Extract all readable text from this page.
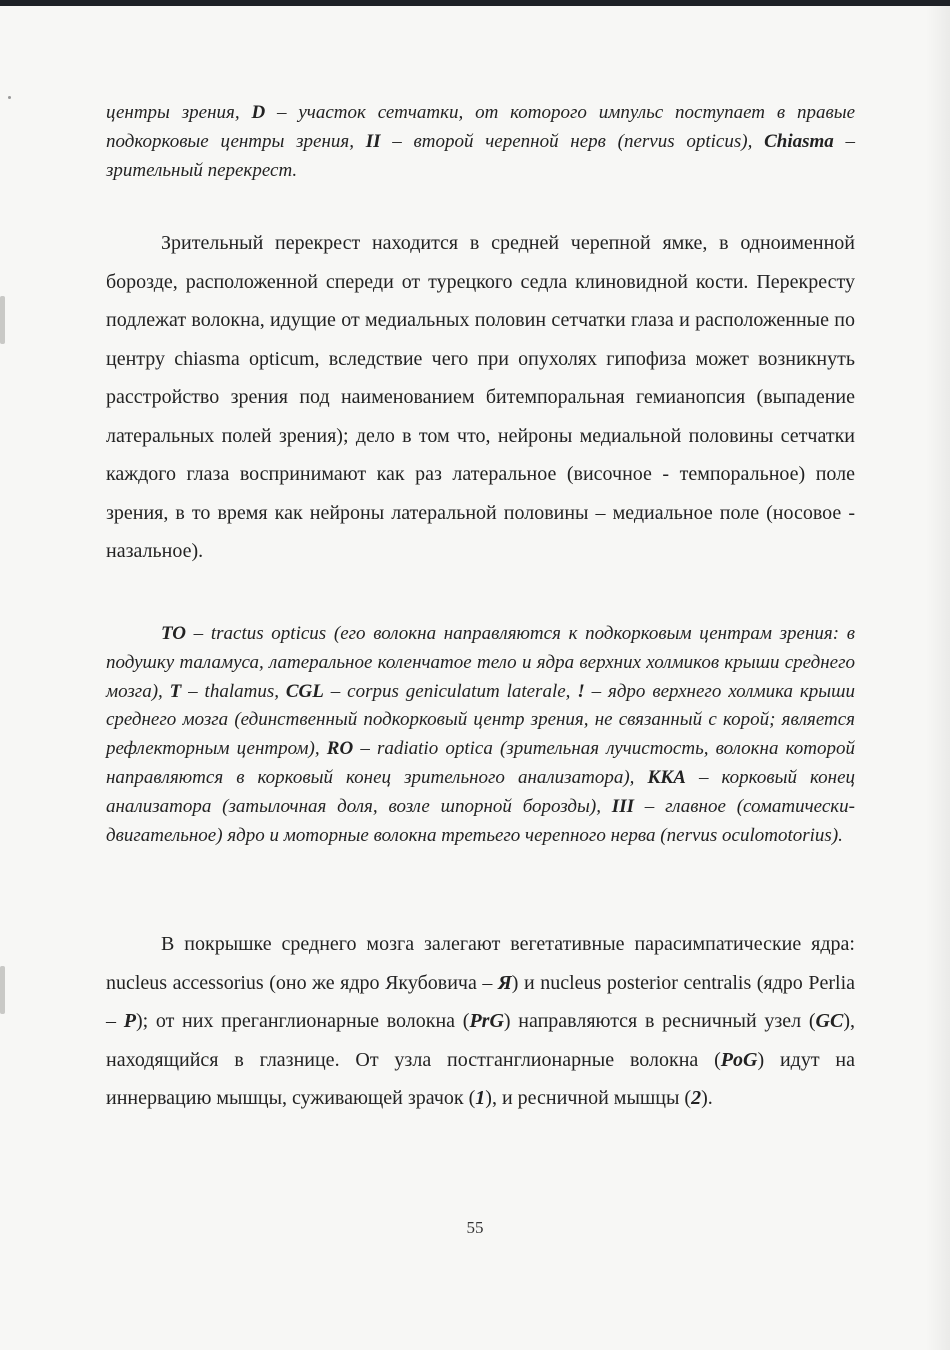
центры зрения, D – участок сетчатки, от которого импульс поступает в правые подкорковые центры зрения, II – второй черепной нерв (nervus opticus), Chiasma – зрительный перекрест.

Зрительный перекрест находится в средней черепной ямке, в одноименной борозде, расположенной спереди от турецкого седла клиновидной кости. Перекресту подлежат волокна, идущие от медиальных половин сетчатки глаза и расположенные по центру chiasma opticum, вследствие чего при опухолях гипофиза может возникнуть расстройство зрения под наименованием битемпоральная гемианопсия (выпадение латеральных полей зрения); дело в том что, нейроны медиальной половины сетчатки каждого глаза воспринимают как раз латеральное (височное - темпоральное) поле зрения, в то время как нейроны латеральной половины – медиальное поле (носовое - назальное).

TO – tractus opticus (его волокна направляются к подкорковым центрам зрения: в подушку таламуса, латеральное коленчатое тело и ядра верхних холмиков крыши среднего мозга), T – thalamus, CGL – corpus geniculatum laterale, ! – ядро верхнего холмика крыши среднего мозга (единственный подкорковый центр зрения, не связанный с корой; является рефлекторным центром), RO – radiatio optica (зрительная лучистость, волокна которой направляются в корковый конец зрительного анализатора), ККА – корковый конец анализатора (затылочная доля, возле шпорной борозды), III – главное (соматически-двигательное) ядро и моторные волокна третьего черепного нерва (nervus oculomotorius).

В покрышке среднего мозга залегают вегетативные парасимпатические ядра: nucleus accessorius (оно же ядро Якубовича – Я) и nucleus posterior centralis (ядро Perlia – P); от них преганглионарные волокна (PrG) направляются в ресничный узел (GC), находящийся в глазнице. От узла постганглионарные волокна (PoG) идут на иннервацию мышцы, суживающей зрачок (1), и ресничной мышцы (2).

55
